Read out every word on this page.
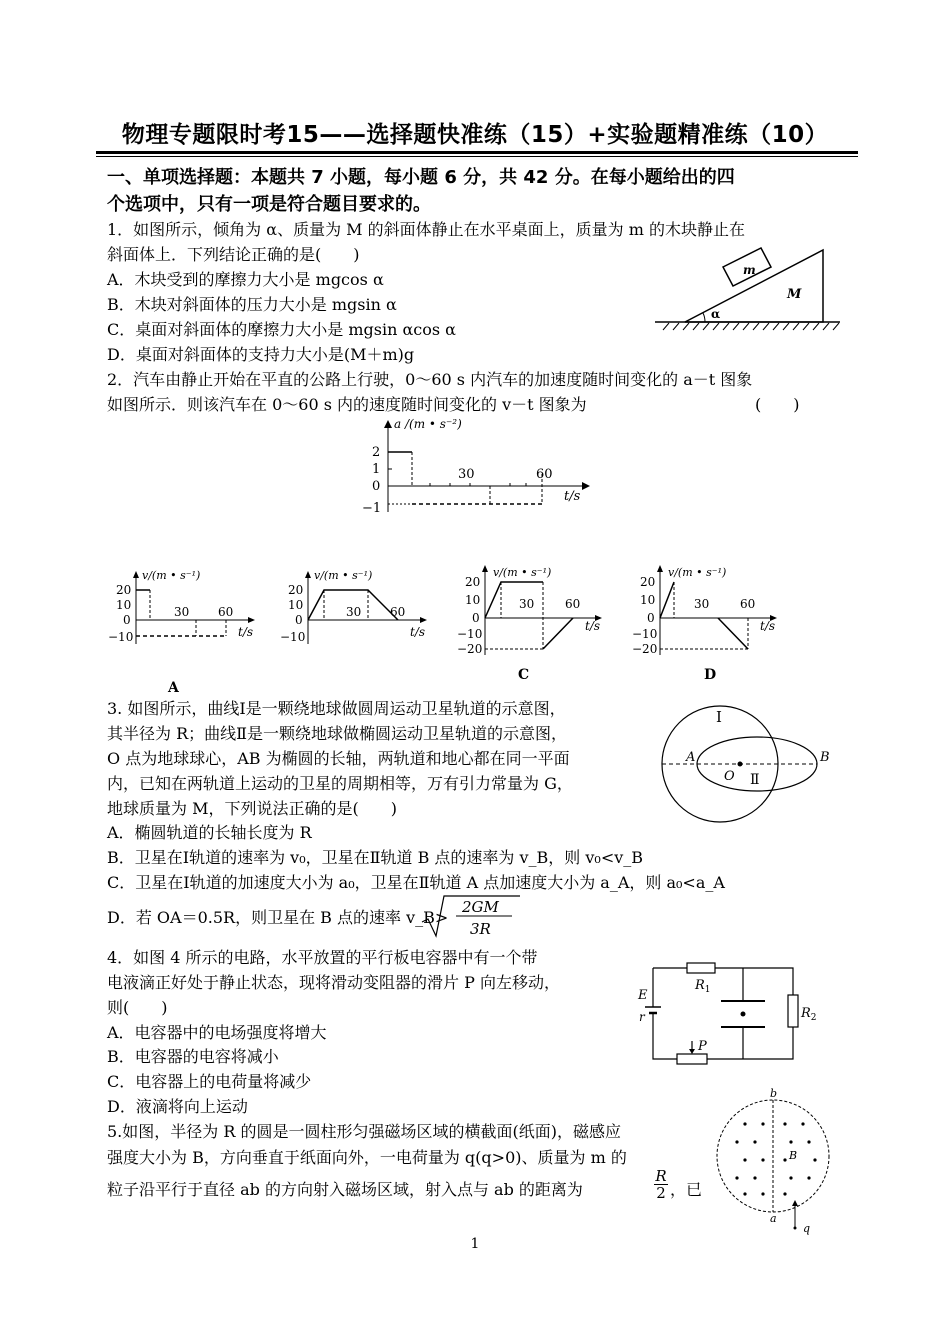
物理专题限时考15——选择题快准练（15）+实验题精准练（10）
一、单项选择题：本题共 7 小题，每小题 6 分，共 42 分。在每小题给出的四
个选项中，只有一项是符合题目要求的。
1．如图所示，倾角为 α、质量为 M 的斜面体静止在水平桌面上，质量为 m 的木块静止在
斜面体上．下列结论正确的是(　　)
A．木块受到的摩擦力大小是 mgcos α
B．木块对斜面体的压力大小是 mgsin α
C．桌面对斜面体的摩擦力大小是 mgsin αcos α
D．桌面对斜面体的支持力大小是(M＋m)g
m
M
α
2．汽车由静止开始在平直的公路上行驶，0～60 s 内汽车的加速度随时间变化的 a－t 图象
如图所示．则该汽车在 0～60 s 内的速度随时间变化的 v－t 图象为	(　　)
a /(m • s⁻²)
2
1
0
−1
30	60
t/s
v/(m • s⁻¹)
20
10
0
−10
30 60
t/s
A
v/(m • s⁻¹)
20
10
0
−10
30 60
t/s
v/(m • s⁻¹)
20
10
0
−10
−20
30	60
t/s
C
v/(m • s⁻¹)
20
10
0
−10
−20
30	60
t/s
D
3. 如图所示，曲线Ⅰ是一颗绕地球做圆周运动卫星轨道的示意图，
其半径为 R；曲线Ⅱ是一颗绕地球做椭圆运动卫星轨道的示意图，
O 点为地球球心，AB 为椭圆的长轴，两轨道和地心都在同一平面
内，已知在两轨道上运动的卫星的周期相等，万有引力常量为 G，
地球质量为 M，下列说法正确的是(　　)
A．椭圆轨道的长轴长度为 R
B．卫星在Ⅰ轨道的速率为 v₀，卫星在Ⅱ轨道 B 点的速率为 v_B，则 v₀<v_B
C．卫星在Ⅰ轨道的加速度大小为 a₀，卫星在Ⅱ轨道 A 点加速度大小为 a_A，则 a₀<a_A
D．若 OA＝0.5R，则卫星在 B 点的速率 v_B>
2GM
3R
Ⅰ
Ⅱ
A	B
O
4．如图 4 所示的电路，水平放置的平行板电容器中有一个带
电液滴正好处于静止状态，现将滑动变阻器的滑片 P 向左移动，
则(　　)
A．电容器中的电场强度将增大
B．电容器的电容将减小
C．电容器上的电荷量将减少
D．液滴将向上运动
E
r
$R_1$
$R_2$
P
5.如图，半径为 R 的圆是一圆柱形匀强磁场区域的横截面(纸面)，磁感应
强度大小为 B，方向垂直于纸面向外，一电荷量为 q(q>0)、质量为 m 的
粒子沿平行于直径 ab 的方向射入磁场区域，射入点与 ab 的距离为	$\frac{R}{2}$ ，已
b
a
B
q
1
